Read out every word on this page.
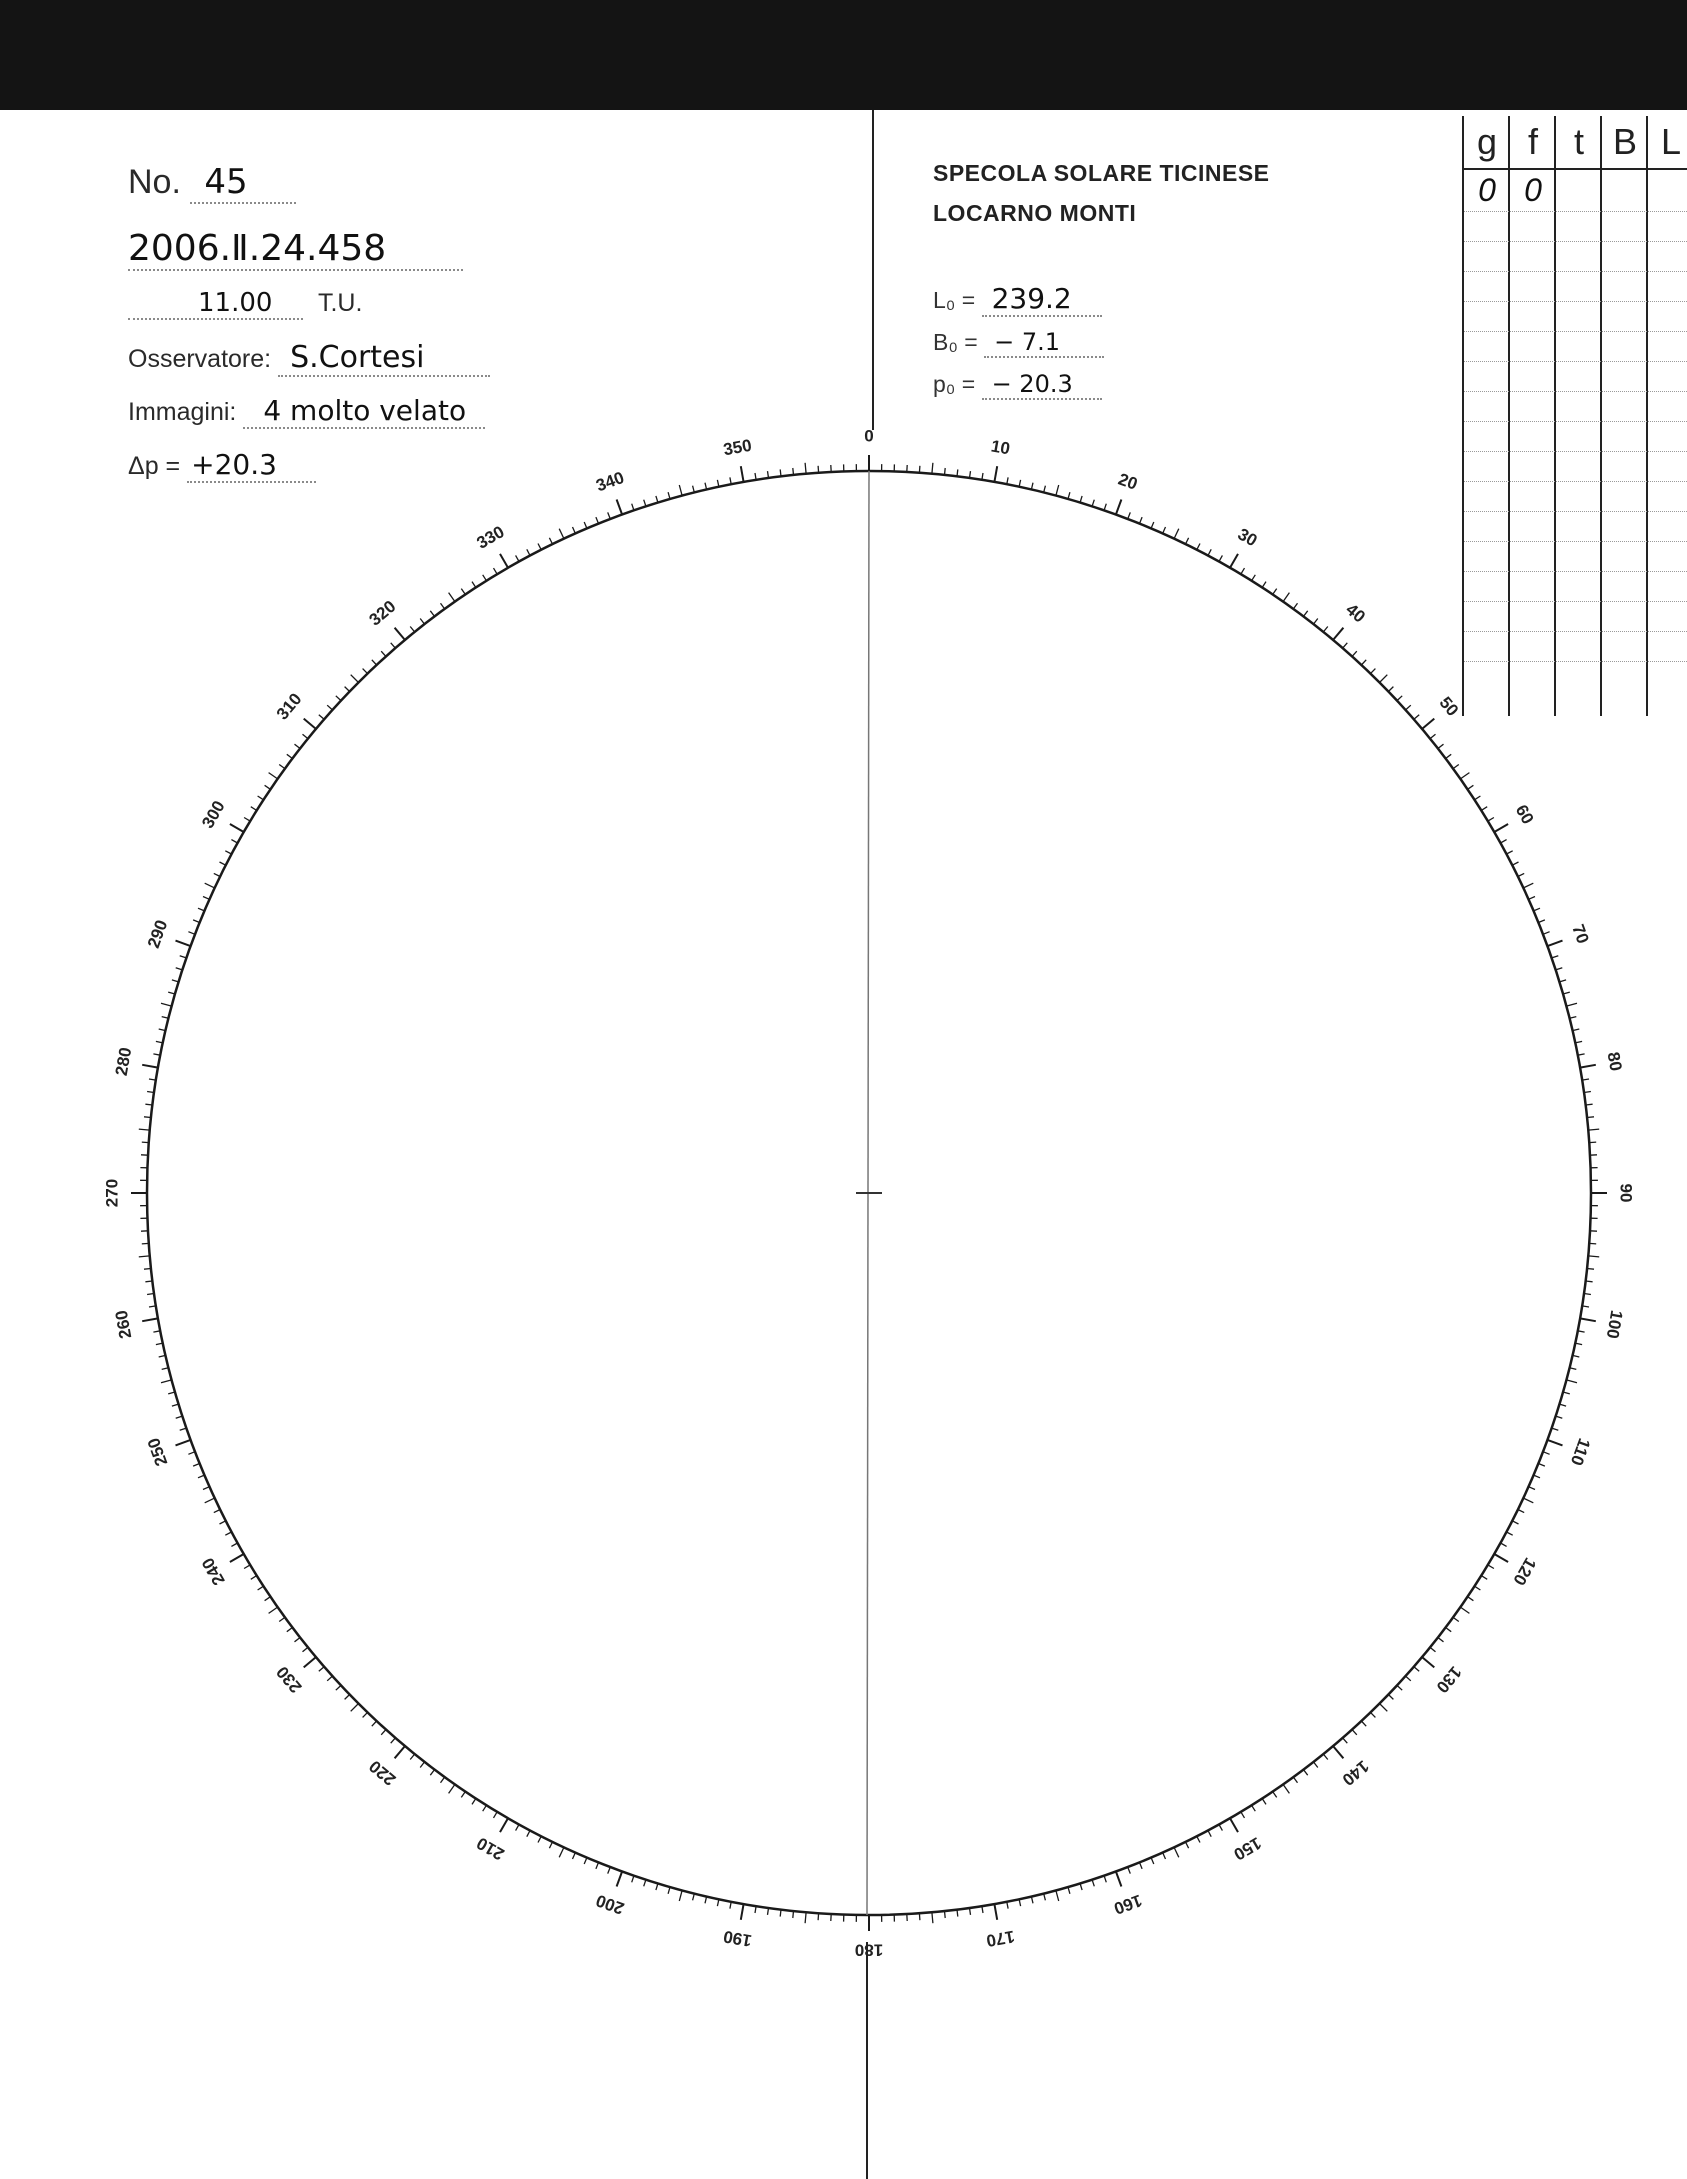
No. 45
2006.Ⅱ.24.458
11.00 T.U.
Osservatore: S.Cortesi
Immagini: 4 molto velato
Δp = +20.3
SPECOLA SOLARE TICINESE
LOCARNO MONTI
L₀ = 239.2
B₀ = − 7.1
p₀ = − 20.3
g f t B L
0 0
0
10
20
30
40
50
60
70
80
90
100
110
120
130
140
150
160
170
180
190
200
210
220
230
240
250
260
270
280
290
300
310
320
330
340
350
